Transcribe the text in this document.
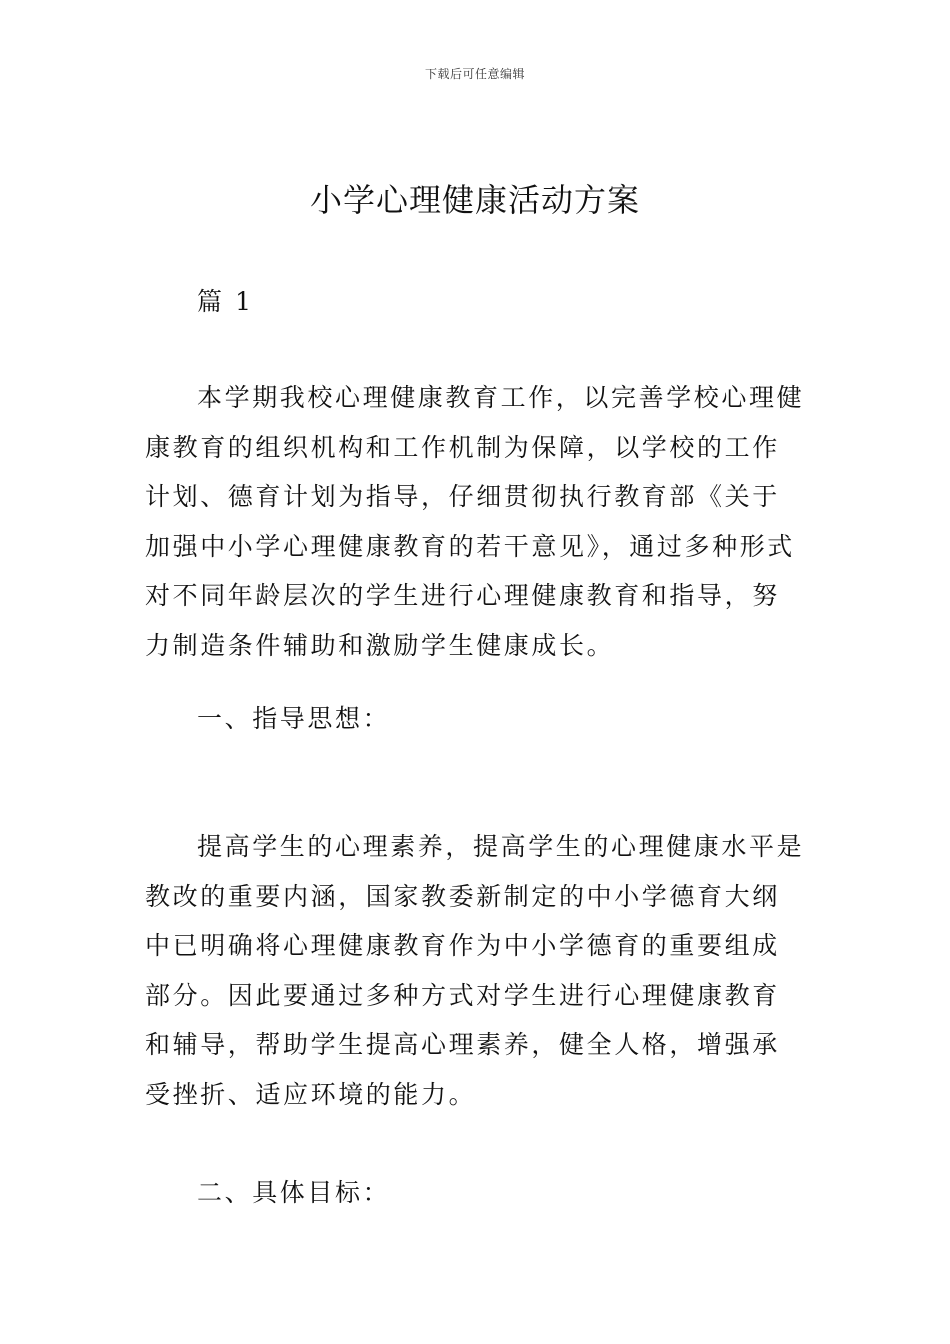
下载后可任意编辑
小学心理健康活动方案

篇 1

本学期我校心理健康教育工作，以完善学校心理健康教育的组织机构和工作机制为保障，以学校的工作计划、德育计划为指导，仔细贯彻执行教育部《关于加强中小学心理健康教育的若干意见》，通过多种形式对不同年龄层次的学生进行心理健康教育和指导，努力制造条件辅助和激励学生健康成长。

一、指导思想：

提高学生的心理素养，提高学生的心理健康水平是教改的重要内涵，国家教委新制定的中小学德育大纲中已明确将心理健康教育作为中小学德育的重要组成部分。因此要通过多种方式对学生进行心理健康教育和辅导，帮助学生提高心理素养，健全人格，增强承受挫折、适应环境的能力。

二、具体目标：
